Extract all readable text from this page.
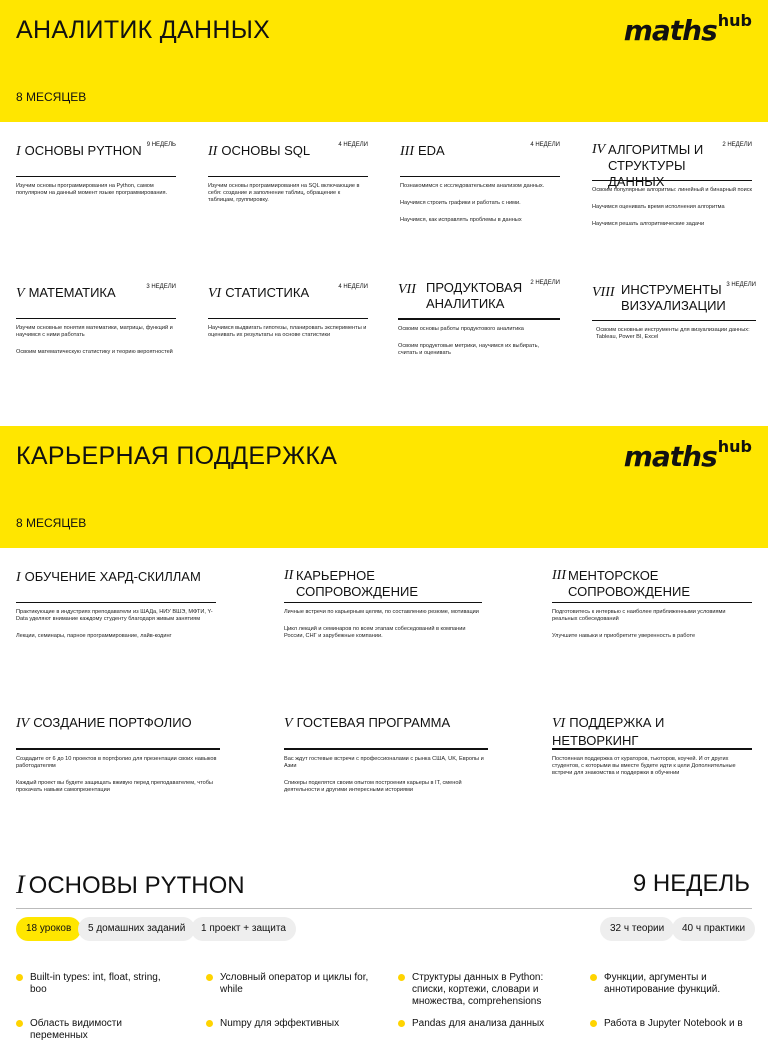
АНАЛИТИК ДАННЫХ
8 МЕСЯЦЕВ
mathshub
I ОСНОВЫ PYTHON 9 НЕДЕЛЬ

Изучим основы программирования на Python, самом популярном на данный момент языке программирования.

II ОСНОВЫ SQL	4 НЕДЕЛИ

Изучим основы программирования на SQL включающие в себя: создание и заполнение таблиц, обращение к таблицам, группировку.

III EDA	4 НЕДЕЛИ

Познакомимся с исследовательским анализом данных.

Научимся строить графики и работать с ними.

Научимся, как исправлять проблемы в данных

IV АЛГОРИТМЫ И СТРУКТУРЫ ДАННЫХ
2 НЕДЕЛИ

Освоим популярные алгоритмы: линейный и бинарный поиск

Научимся оценивать время исполнения алгоритма

Научимся решать алгоритмические задачи

V МАТЕМАТИКА	3 НЕДЕЛИ

Изучим основные понятия математики, матрицы, функций и научимся с ними работать

Освоим математическую статистику и теорию вероятностей

VI СТАТИСТИКА	4 НЕДЕЛИ

Научимся выдвигать гипотезы, планировать эксперименты и оценивать их результаты на основе статистики

VII ПРОДУКТОВАЯ АНАЛИТИКА
2 НЕДЕЛИ

Освоим основы работы продуктового аналитика

Освоим продуктовые метрики, научимся их выбирать, считать и оценивать

VIII ИНСТРУМЕНТЫ ВИЗУАЛИЗАЦИИ
3 НЕДЕЛИ

Освоим основные инструменты для визуализации данных: Tableau, Power BI, Excel

КАРЬЕРНАЯ ПОДДЕРЖКА
8 МЕСЯЦЕВ
mathshub
I ОБУЧЕНИЕ ХАРД-СКИЛЛАМ

Практикующие в индустриях преподаватели из ШАДа, НИУ ВШЭ, МФТИ, Y-Data уделяют внимание каждому студенту благодаря живым занятиям

Лекции, семинары, парное программирование, лайв-кодинг

II КАРЬЕРНОЕ СОПРОВОЖДЕНИЕ

Личные встречи по карьерным целям, по составлению резюме, мотивации

Цикл лекций и семинаров по всем этапам собеседований в компании России, СНГ и зарубежные компании.

III МЕНТОРСКОЕ СОПРОВОЖДЕНИЕ

Подготовитесь к интервью с наиболее приближенными условиями реальных собеседований

Улучшите навыки и приобретите уверенность в работе

IV СОЗДАНИЕ ПОРТФОЛИО

Создадите от 6 до 10 проектов в портфолио для презентации своих навыков работодателям

Каждый проект вы будете защищать вживую перед преподавателем, чтобы прокачать навыки самопрезентации

V ГОСТЕВАЯ ПРОГРАММА

Вас ждут гостевые встречи с профессионалами с рынка США, UK, Европы и Азии

Спикеры поделятся своим опытом построения карьеры в IT, сменой деятельности и другими интересными историями

VI ПОДДЕРЖКА И НЕТВОРКИНГ

Постоянная поддержка от кураторов, тьюторов, коучей. И от других студентов, с которыми вы вместе будете идти к цели Дополнительные встречи для знакомства и поддержки в обучении

I ОСНОВЫ PYTHON	9 НЕДЕЛЬ
18 уроков	5 домашних заданий	1 проект + защита	32 ч теории	40 ч практики
Built-in types: int, float, string, boo
Условный оператор и циклы for, while
Структуры данных в Python: списки, кортежи, словари и множества, comprehensions
Функции, аргументы и аннотирование функций.
Область видимости переменных
Numpy для эффективных	Pandas для анализа данных	Работа в Jupyter Notebook и в
